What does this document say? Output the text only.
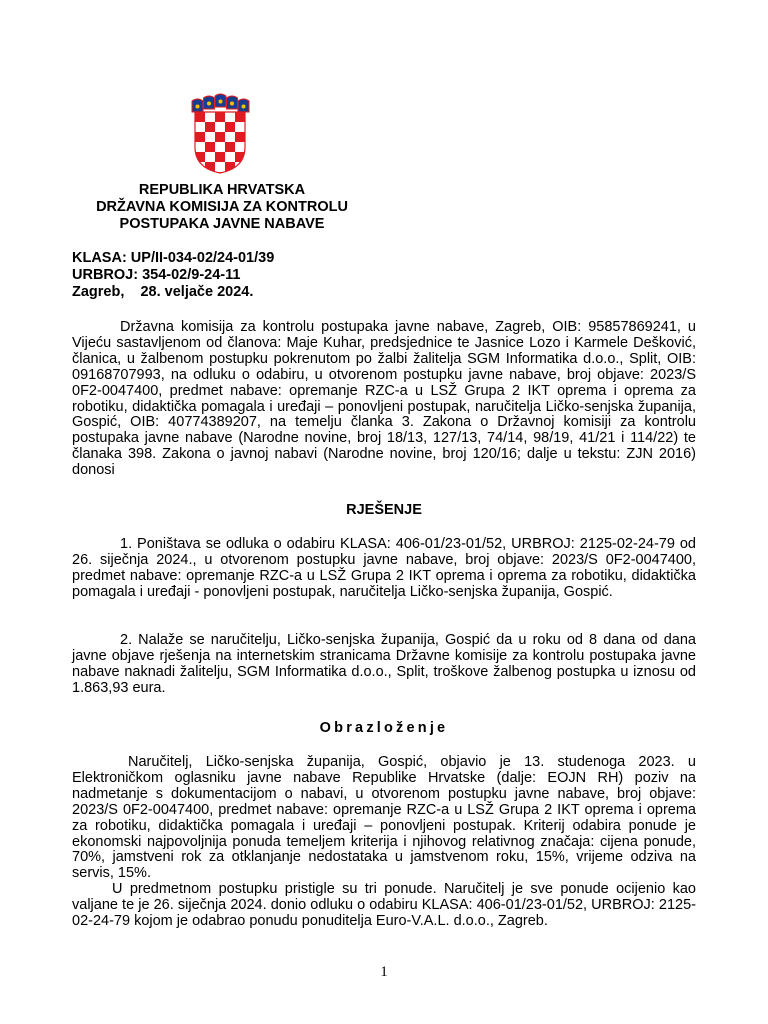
REPUBLIKA HRVATSKA
DRŽAVNA KOMISIJA ZA KONTROLU
POSTUPAKA JAVNE NABAVE
KLASA: UP/II-034-02/24-01/39
URBROJ: 354-02/9-24-11
Zagreb,    28. veljače 2024.

Državna komisija za kontrolu postupaka javne nabave, Zagreb, OIB: 95857869241, u Vijeću sastavljenom od članova: Maje Kuhar, predsjednice te Jasnice Lozo i Karmele Dešković, članica, u žalbenom postupku pokrenutom po žalbi žalitelja SGM Informatika d.o.o., Split, OIB: 09168707993, na odluku o odabiru, u otvorenom postupku javne nabave, broj objave: 2023/S 0F2-0047400, predmet nabave: opremanje RZC-a u LSŽ Grupa 2 IKT oprema i oprema za robotiku, didaktička pomagala i uređaji – ponovljeni postupak, naručitelja Ličko-senjska županija, Gospić, OIB: 40774389207, na temelju članka 3. Zakona o Državnoj komisiji za kontrolu postupaka javne nabave (Narodne novine, broj 18/13, 127/13, 74/14, 98/19, 41/21 i 114/22) te članaka 398. Zakona o javnoj nabavi (Narodne novine, broj 120/16; dalje u tekstu: ZJN 2016) donosi

RJEŠENJE

1. Poništava se odluka o odabiru KLASA: 406-01/23-01/52, URBROJ: 2125-02-24-79 od 26. siječnja 2024., u otvorenom postupku javne nabave, broj objave: 2023/S 0F2-0047400, predmet nabave: opremanje RZC-a u LSŽ Grupa 2 IKT oprema i oprema za robotiku, didaktička pomagala i uređaji - ponovljeni postupak, naručitelja Ličko-senjska županija, Gospić.

2. Nalaže se naručitelju, Ličko-senjska županija, Gospić da u roku od 8 dana od dana javne objave rješenja na internetskim stranicama Državne komisije za kontrolu postupaka javne nabave naknadi žalitelju, SGM Informatika d.o.o., Split, troškove žalbenog postupka u iznosu od 1.863,93 eura.

Obrazloženje

Naručitelj, Ličko-senjska županija, Gospić, objavio je 13. studenoga 2023. u Elektroničkom oglasniku javne nabave Republike Hrvatske (dalje: EOJN RH) poziv na nadmetanje s dokumentacijom o nabavi, u otvorenom postupku javne nabave, broj objave: 2023/S 0F2-0047400, predmet nabave: opremanje RZC-a u LSŽ Grupa 2 IKT oprema i oprema za robotiku, didaktička pomagala i uređaji – ponovljeni postupak. Kriterij odabira ponude je ekonomski najpovoljnija ponuda temeljem kriterija i njihovog relativnog značaja: cijena ponude, 70%, jamstveni rok za otklanjanje nedostataka u jamstvenom roku, 15%, vrijeme odziva na servis, 15%.

U predmetnom postupku pristigle su tri ponude. Naručitelj je sve ponude ocijenio kao valjane te je 26. siječnja 2024. donio odluku o odabiru KLASA: 406-01/23-01/52, URBROJ: 2125-02-24-79 kojom je odabrao ponudu ponuditelja Euro-V.A.L. d.o.o., Zagreb.

1
